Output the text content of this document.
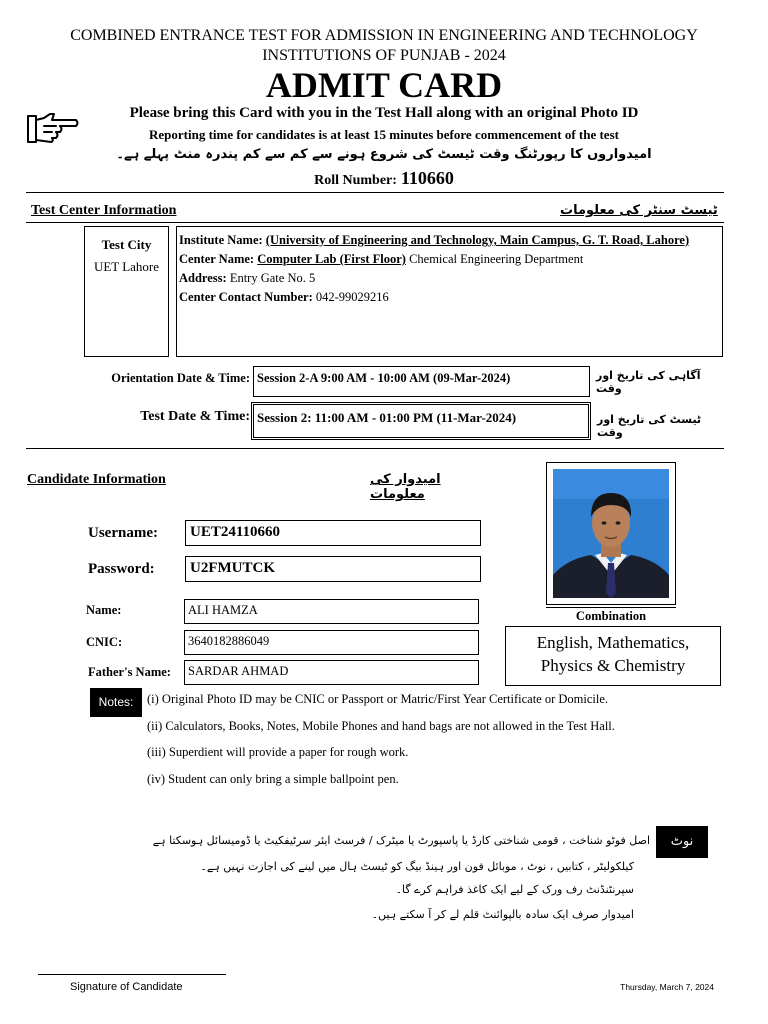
COMBINED ENTRANCE TEST FOR ADMISSION IN ENGINEERING AND TECHNOLOGY
INSTITUTIONS OF PUNJAB - 2024
ADMIT CARD
Please bring this Card with you in the Test Hall along with an original Photo ID
Reporting time for candidates is at least 15 minutes before commencement of the test
امیدواروں کا رپورٹنگ وقت ٹیسٹ کی شروع ہونے سے کم سے کم پندرہ منٹ پہلے ہے۔
Roll Number: 110660
Test Center Information	ٹیسٹ سنٹر کی معلومات
Test City
UET Lahore
Institute Name: (University of Engineering and Technology, Main Campus, G. T. Road, Lahore)
Center Name: Computer Lab (First Floor) Chemical Engineering Department
Address: Entry Gate No. 5
Center Contact Number: 042-99029216
Orientation Date & Time: Session 2-A 9:00 AM - 10:00 AM (09-Mar-2024)	آگاہی کی تاریخ اور وقت
Test Date & Time: Session 2: 11:00 AM - 01:00 PM (11-Mar-2024)	ٹیسٹ کی تاریخ اور وقت
Candidate Information	امیدوار کی معلومات
Username:	UET24110660
Password:	U2FMUTCK
Name:	ALI HAMZA
CNIC:	3640182886049
Father's Name:	SARDAR AHMAD
Combination
English, Mathematics,
Physics & Chemistry
Notes:	(i) Original Photo ID may be CNIC or Passport or Matric/First Year Certificate or Domicile.
(ii) Calculators, Books, Notes, Mobile Phones and hand bags are not allowed in the Test Hall.
(iii) Superdient will provide a paper for rough work.
(iv) Student can only bring a simple ballpoint pen.
نوٹ
اصل فوٹو شناخت ، قومی شناختی کارڈ یا پاسپورٹ یا میٹرک / فرسٹ ایئر سرٹیفکیٹ یا ڈومیسائل ہوسکتا ہے
کیلکولیٹر ، کتابیں ، نوٹ ، موبائل فون اور ہینڈ بیگ کو ٹیسٹ ہال میں لینے کی اجازت نہیں ہے۔
سپرنٹنڈنٹ رف ورک کے لیے ایک کاغذ فراہم کرے گا۔
امیدوار صرف ایک سادہ بالپوائنٹ قلم لے کر آ سکتے ہیں۔
Signature of Candidate	Thursday, March 7, 2024
